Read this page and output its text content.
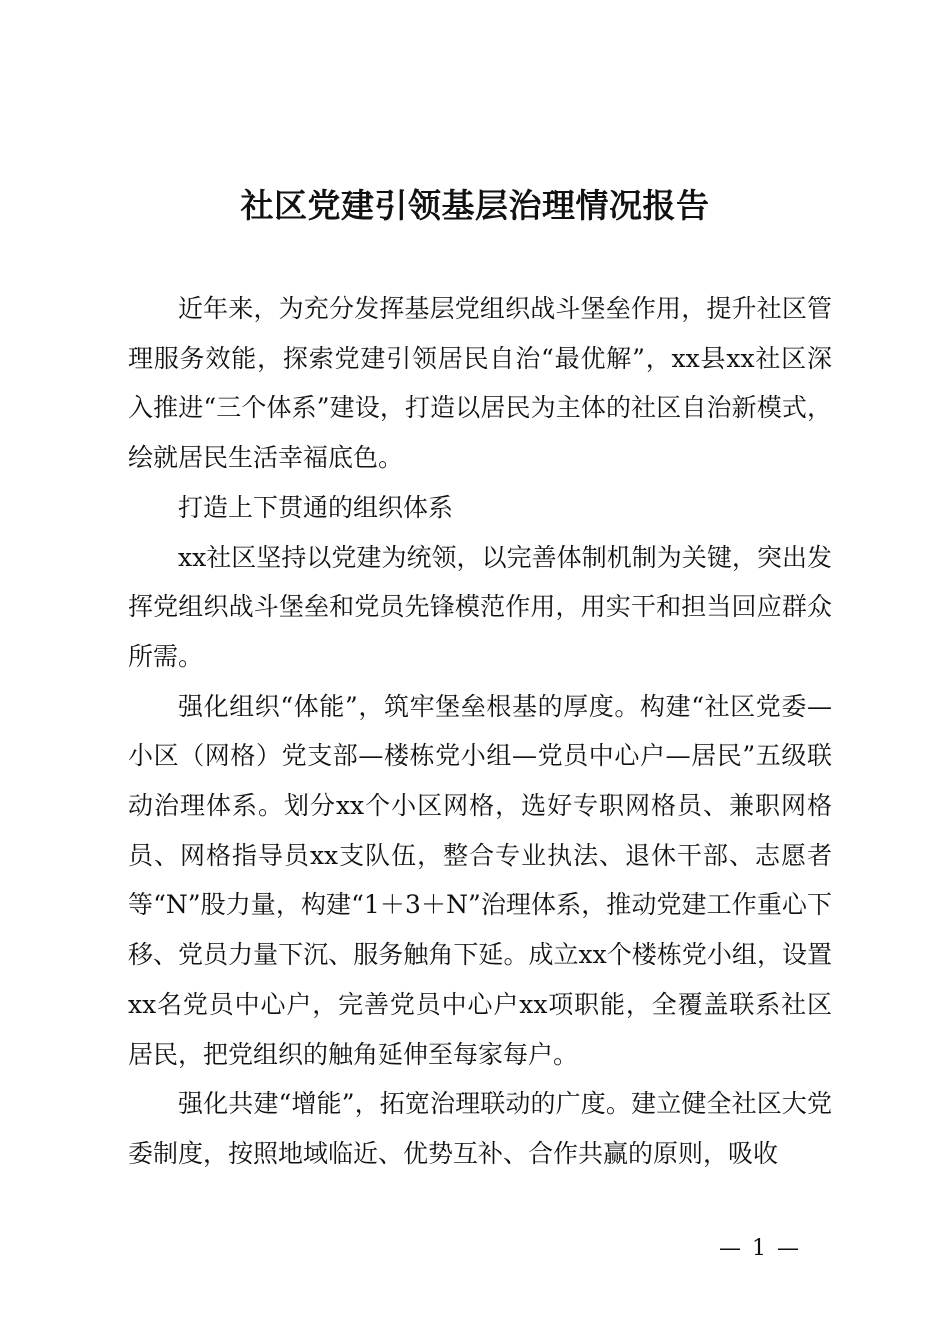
社区党建引领基层治理情况报告

近年来，为充分发挥基层党组织战斗堡垒作用，提升社区管理服务效能，探索党建引领居民自治“最优解”，xx县xx社区深入推进“三个体系”建设，打造以居民为主体的社区自治新模式，绘就居民生活幸福底色。

打造上下贯通的组织体系

xx社区坚持以党建为统领，以完善体制机制为关键，突出发挥党组织战斗堡垒和党员先锋模范作用，用实干和担当回应群众所需。

强化组织“体能”，筑牢堡垒根基的厚度。构建“社区党委—小区（网格）党支部—楼栋党小组—党员中心户—居民”五级联动治理体系。划分xx个小区网格，选好专职网格员、兼职网格员、网格指导员xx支队伍，整合专业执法、退休干部、志愿者等“N”股力量，构建“1＋3＋N”治理体系，推动党建工作重心下移、党员力量下沉、服务触角下延。成立xx个楼栋党小组，设置xx名党员中心户，完善党员中心户xx项职能，全覆盖联系社区居民，把党组织的触角延伸至每家每户。

强化共建“增能”，拓宽治理联动的广度。建立健全社区大党委制度，按照地域临近、优势互补、合作共赢的原则，吸收

— 1 —
